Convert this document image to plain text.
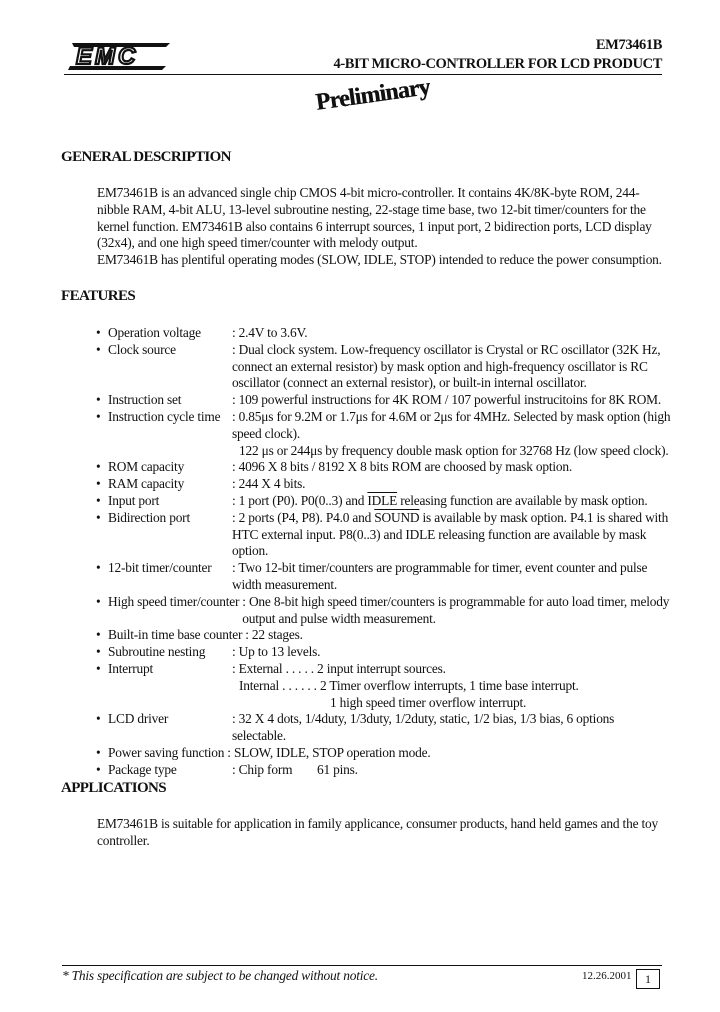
EMC	EM73461B
4-BIT MICRO-CONTROLLER FOR LCD PRODUCT
Preliminary
GENERAL DESCRIPTION

EM73461B is an advanced single chip CMOS 4-bit micro-controller. It contains 4K/8K-byte ROM, 244-nibble RAM, 4-bit ALU, 13-level subroutine nesting, 22-stage time base, two 12-bit timer/counters for the kernel function. EM73461B also contains 6 interrupt sources, 1 input port, 2 bidirection ports, LCD display (32x4), and one high speed timer/counter with melody output.

EM73461B has plentiful operating modes (SLOW, IDLE, STOP) intended to reduce the power consumption.

FEATURES
• Operation voltage	: 2.4V to 3.6V.
• Clock source	: Dual clock system. Low-frequency oscillator is Crystal or RC oscillator (32K Hz, connect an external resistor) by mask option and high-frequency oscillator is RC oscillator (connect an external resistor), or built-in internal oscillator.
• Instruction set	: 109 powerful instructions for 4K ROM / 107 powerful instrucitoins for 8K ROM.
• Instruction cycle time : 0.85μs for 9.2M or 1.7μs for 4.6M or 2μs for 4MHz. Selected by mask option (high speed clock).
122 μs or 244μs by frequency double mask option for 32768 Hz (low speed clock).
• ROM capacity	: 4096 X 8 bits / 8192 X 8 bits ROM are choosed by mask option.
• RAM capacity	: 244 X 4 bits.
• Input port	: 1 port (P0). P0(0..3) and IDLE releasing function are available by mask option.
• Bidirection port	: 2 ports (P4, P8). P4.0 and SOUND is available by mask option. P4.1 is shared with HTC external input. P8(0..3) and IDLE releasing function are available by mask option.
• 12-bit timer/counter	: Two 12-bit timer/counters are programmable for timer, event counter and pulse width measurement.
• High speed timer/counter : One 8-bit high speed timer/counters is programmable for auto load timer, melody output and pulse width measurement.
• Built-in time base counter : 22 stages.
• Subroutine nesting	: Up to 13 levels.
• Interrupt	: External . . . . . 2 input interrupt sources.
Internal . . . . . . 2 Timer overflow interrupts, 1 time base interrupt.
1 high speed timer overflow interrupt.
• LCD driver	: 32 X 4 dots, 1/4duty, 1/3duty, 1/2duty, static, 1/2 bias, 1/3 bias, 6 options selectable.
• Power saving function : SLOW, IDLE, STOP operation mode.
• Package type	: Chip form 61 pins.
APPLICATIONS

EM73461B is suitable for application in family applicance, consumer products, hand held games and the toy controller.

* This specification are subject to be changed without notice.	12.26.2001	1
